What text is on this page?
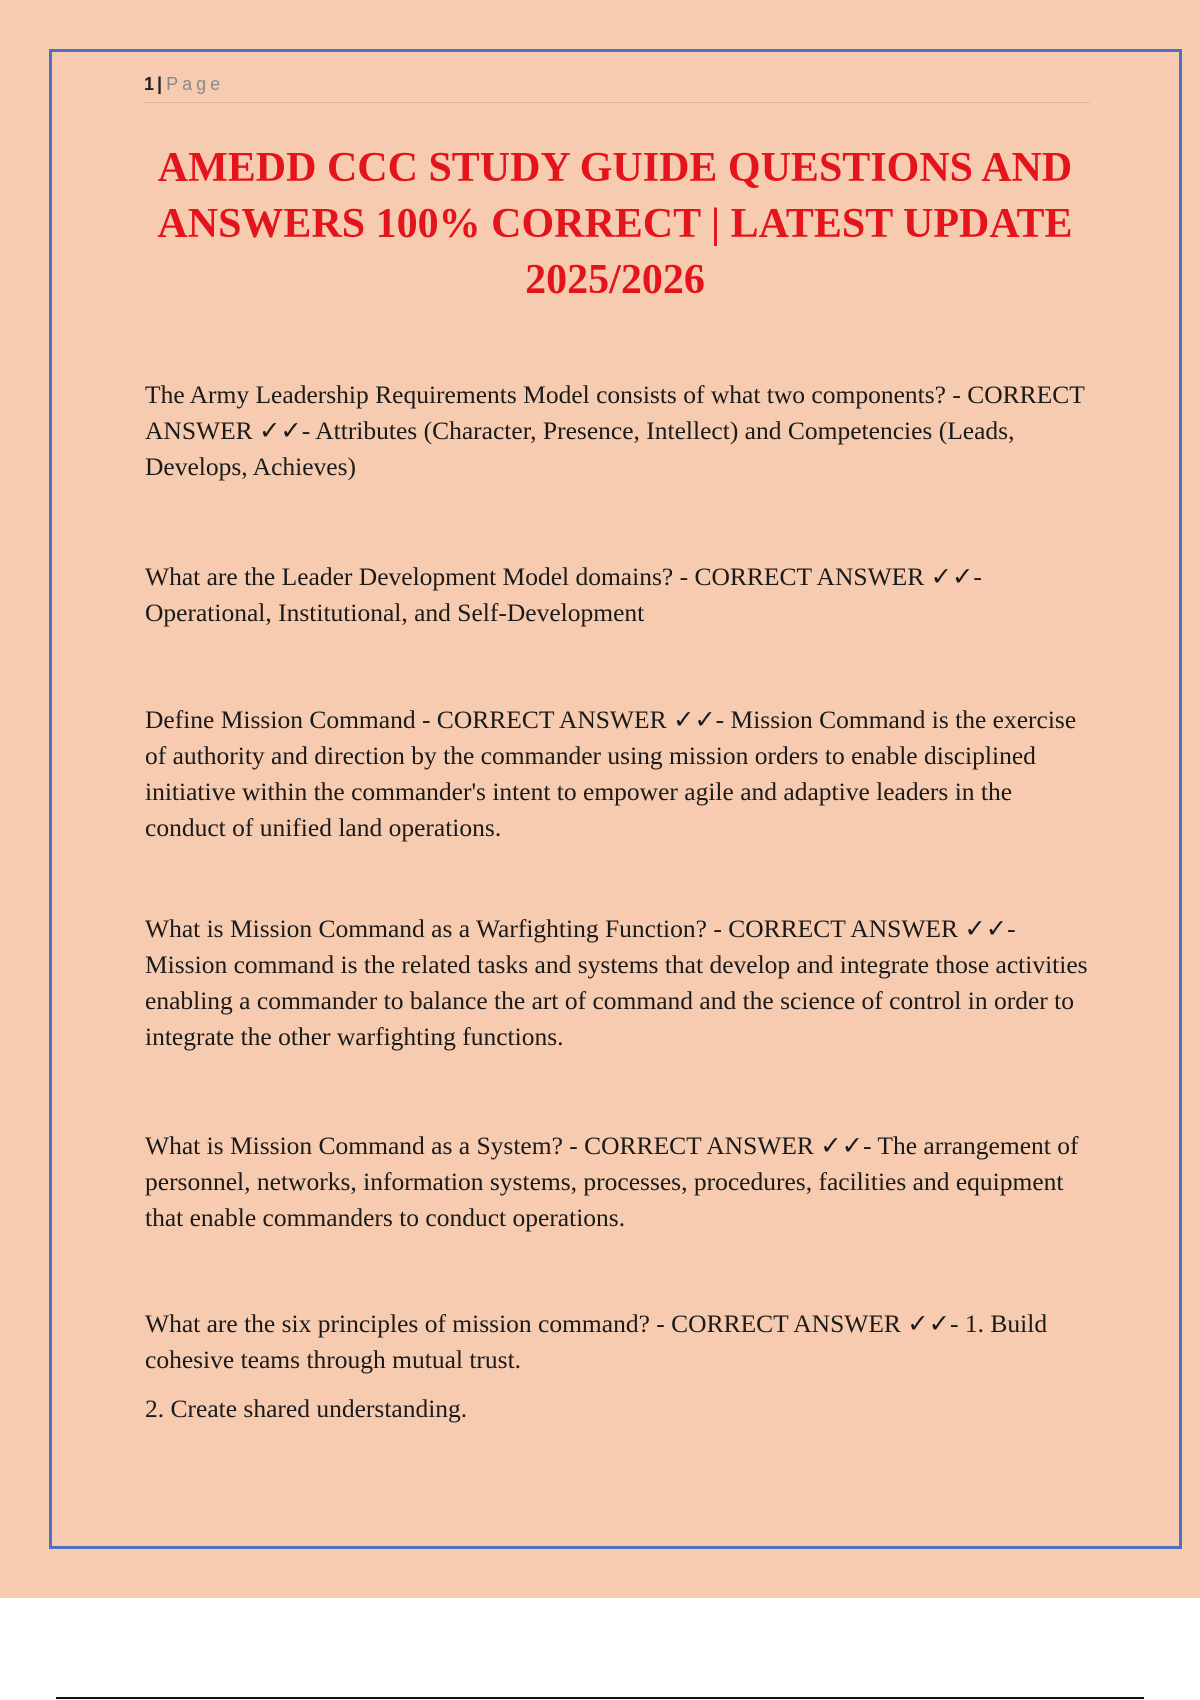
1 | Page
AMEDD CCC STUDY GUIDE QUESTIONS AND ANSWERS 100% CORRECT | LATEST UPDATE 2025/2026

The Army Leadership Requirements Model consists of what two components? - CORRECT ANSWER ✓✓- Attributes (Character, Presence, Intellect) and Competencies (Leads, Develops, Achieves)

What are the Leader Development Model domains? - CORRECT ANSWER ✓✓- Operational, Institutional, and Self-Development

Define Mission Command - CORRECT ANSWER ✓✓- Mission Command is the exercise of authority and direction by the commander using mission orders to enable disciplined initiative within the commander's intent to empower agile and adaptive leaders in the conduct of unified land operations.

What is Mission Command as a Warfighting Function? - CORRECT ANSWER ✓✓- Mission command is the related tasks and systems that develop and integrate those activities enabling a commander to balance the art of command and the science of control in order to integrate the other warfighting functions.

What is Mission Command as a System? - CORRECT ANSWER ✓✓- The arrangement of personnel, networks, information systems, processes, procedures, facilities and equipment that enable commanders to conduct operations.

What are the six principles of mission command? - CORRECT ANSWER ✓✓- 1. Build cohesive teams through mutual trust.

2. Create shared understanding.
